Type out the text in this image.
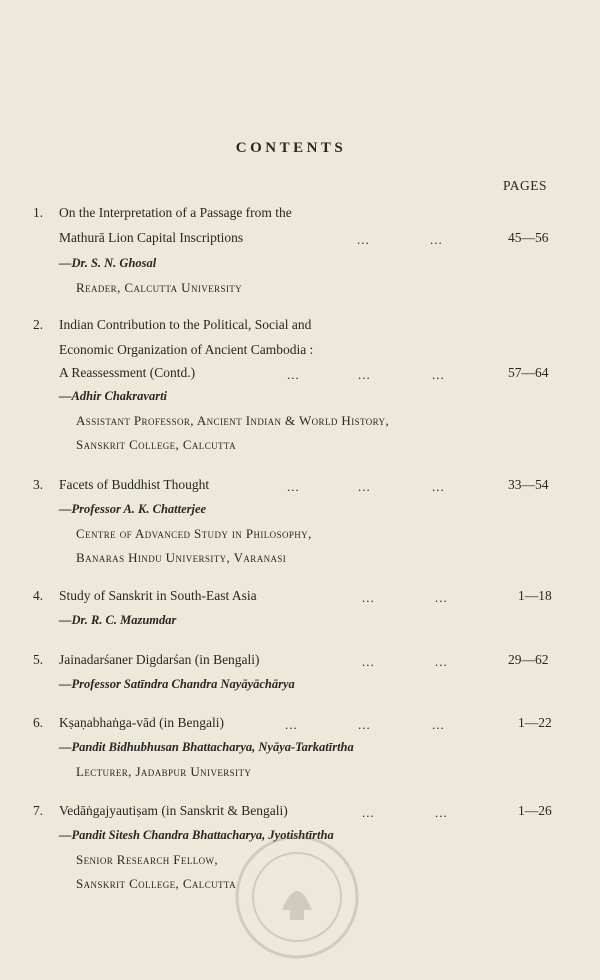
CONTENTS
PAGES
1. On the Interpretation of a Passage from the
Mathurā Lion Capital Inscriptions	...	...	45—56
—Dr. S. N. Ghosal
Reader, Calcutta University
2. Indian Contribution to the Political, Social and
Economic Organization of Ancient Cambodia :
A Reassessment (Contd.)	...	...	...	57—64
—Adhir Chakravarti
Assistant Professor, Ancient Indian & World History,
Sanskrit College, Calcutta
3. Facets of Buddhist Thought	...	...	...	33—54
—Professor A. K. Chatterjee
Centre of Advanced Study in Philosophy,
Banaras Hindu University, Varanasi
4. Study of Sanskrit in South-East Asia	...	...	1—18
—Dr. R. C. Mazumdar
5. Jainadarśaner Digdarśan (in Bengali)	...	...	29—62
—Professor Satīndra Chandra Nayāyāchārya
6. Kṣaṇabhaṅga-vād (in Bengali)	...	...	...	1—22
—Pandit Bidhubhusan Bhattacharya, Nyāya-Tarkatīrtha
Lecturer, Jadabpur University
7. Vedāṅgajyautiṣam (in Sanskrit & Bengali)	...	...	1—26
—Pandit Sitesh Chandra Bhattacharya, Jyotishtīrtha
Senior Research Fellow,
Sanskrit College, Calcutta
